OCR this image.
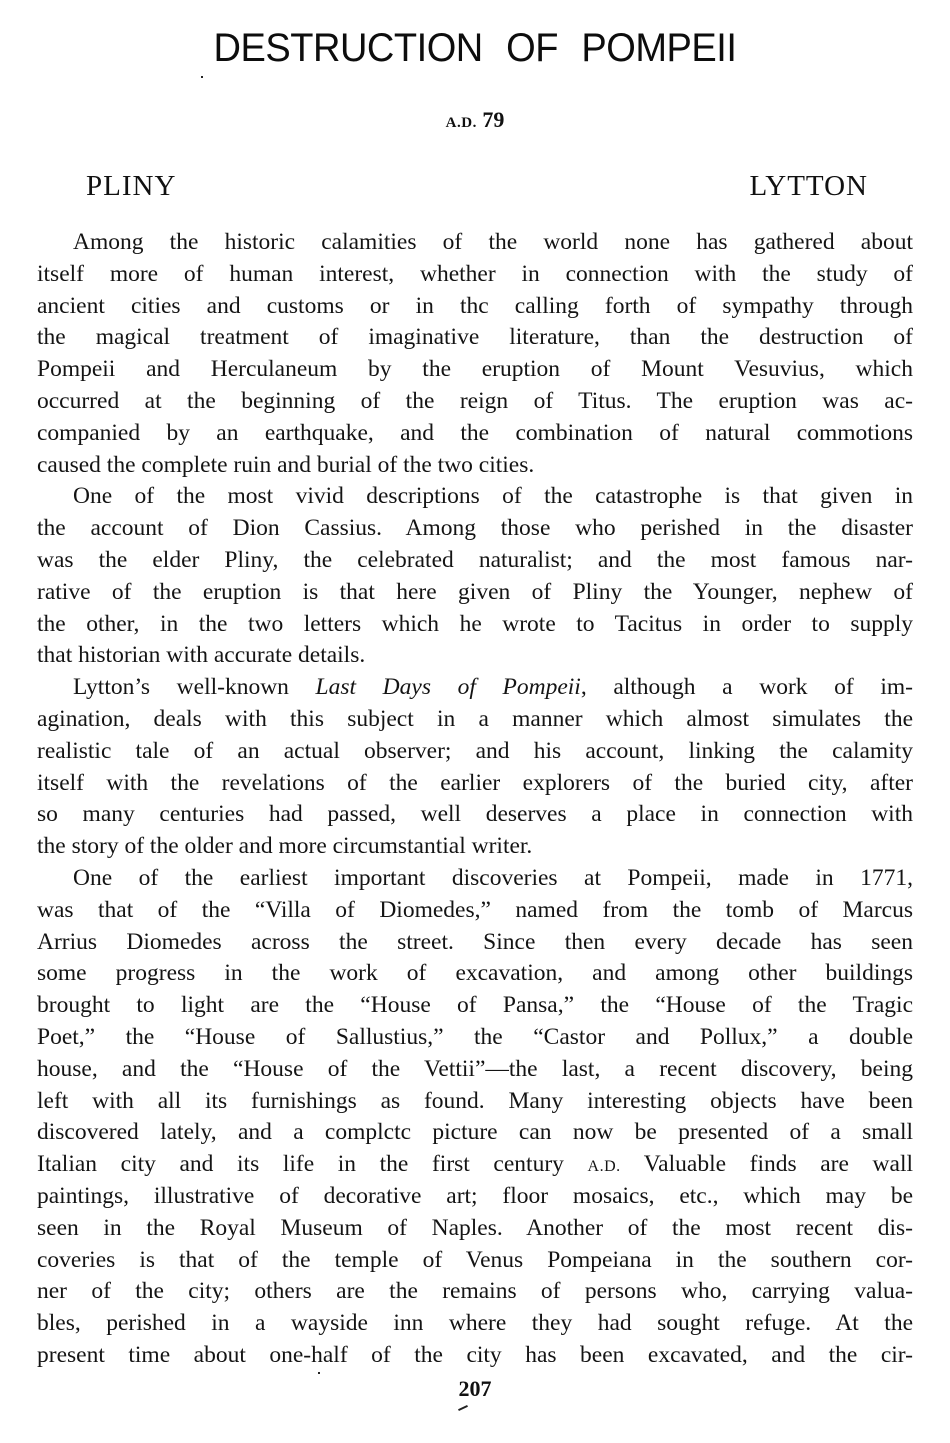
DESTRUCTION OF POMPEII
A.D. 79
PLINY	LYTTON
Among the historic calamities of the world none has gathered about
itself more of human interest, whether in connection with the study of
ancient cities and customs or in thc calling forth of sympathy through
the magical treatment of imaginative literature, than the destruction of
Pompeii and Herculaneum by the eruption of Mount Vesuvius, which
occurred at the beginning of the reign of Titus. The eruption was ac-
companied by an earthquake, and the combination of natural commotions
caused the complete ruin and burial of the two cities.
One of the most vivid descriptions of the catastrophe is that given in
the account of Dion Cassius. Among those who perished in the disaster
was the elder Pliny, the celebrated naturalist; and the most famous nar-
rative of the eruption is that here given of Pliny the Younger, nephew of
the other, in the two letters which he wrote to Tacitus in order to supply
that historian with accurate details.
Lytton’s well-known Last Days of Pompeii, although a work of im-
agination, deals with this subject in a manner which almost simulates the
realistic tale of an actual observer; and his account, linking the calamity
itself with the revelations of the earlier explorers of the buried city, after
so many centuries had passed, well deserves a place in connection with
the story of the older and more circumstantial writer.
One of the earliest important discoveries at Pompeii, made in 1771,
was that of the “Villa of Diomedes,” named from the tomb of Marcus
Arrius Diomedes across the street. Since then every decade has seen
some progress in the work of excavation, and among other buildings
brought to light are the “House of Pansa,” the “House of the Tragic
Poet,” the “House of Sallustius,” the “Castor and Pollux,” a double
house, and the “House of the Vettii”—the last, a recent discovery, being
left with all its furnishings as found. Many interesting objects have been
discovered lately, and a complctc picture can now be presented of a small
Italian city and its life in the first century A.D. Valuable finds are wall
paintings, illustrative of decorative art; floor mosaics, etc., which may be
seen in the Royal Museum of Naples. Another of the most recent dis-
coveries is that of the temple of Venus Pompeiana in the southern cor-
ner of the city; others are the remains of persons who, carrying valua-
bles, perished in a wayside inn where they had sought refuge. At the
present time about one-half of the city has been excavated, and the cir-
207
